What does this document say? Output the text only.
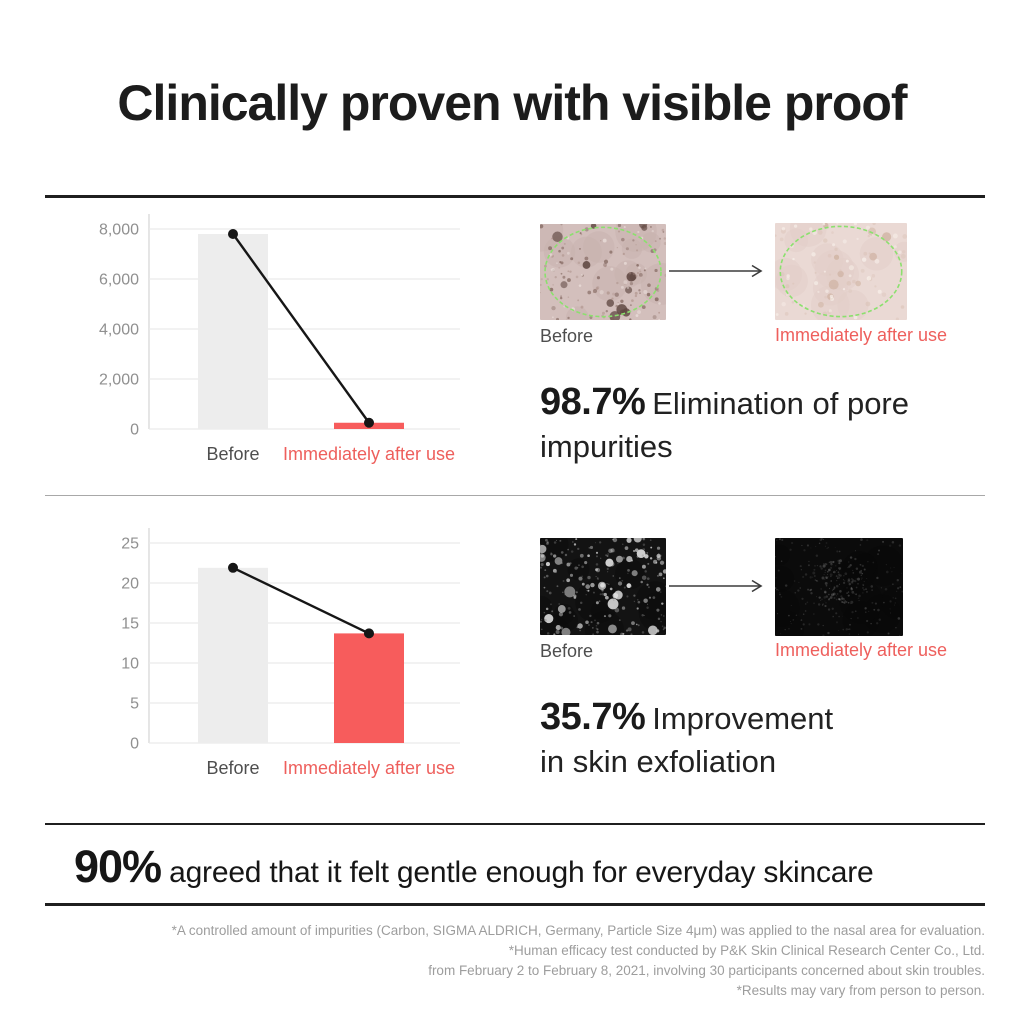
Clinically proven with visible proof
0
2,000
4,000
6,000
8,000
Before Immediately after use
Before	Immediately after use
98.7% Elimination of pore
impurities
0
5
10
15
20
25
Before Immediately after use
Before	Immediately after use
35.7% Improvement
in skin exfoliation
90% agreed that it felt gentle enough for everyday skincare
*A controlled amount of impurities (Carbon, SIGMA ALDRICH, Germany, Particle Size 4μm) was applied to the nasal area for evaluation.
*Human efficacy test conducted by P&K Skin Clinical Research Center Co., Ltd.
from February 2 to February 8, 2021, involving 30 participants concerned about skin troubles.
*Results may vary from person to person.
